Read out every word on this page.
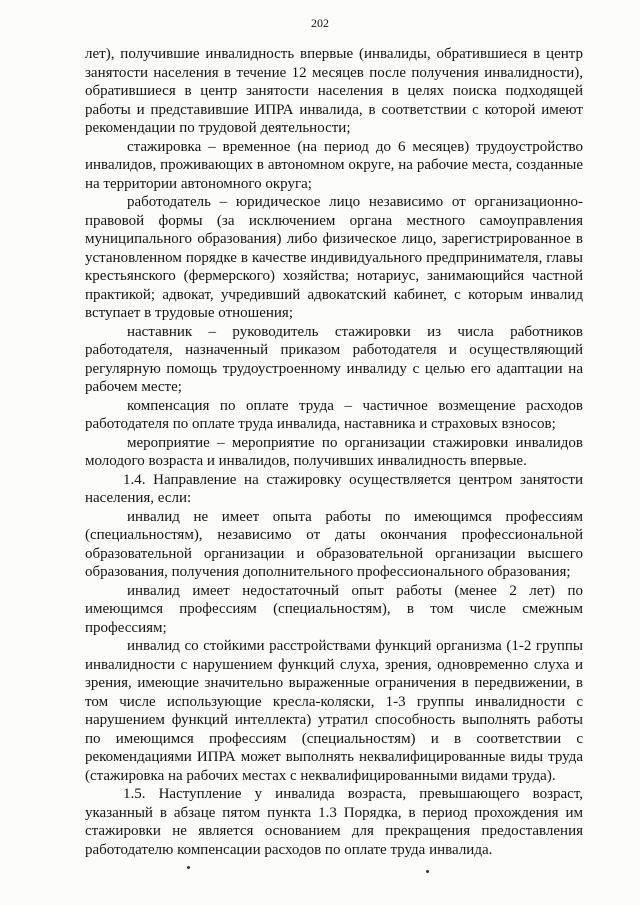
202

лет), получившие инвалидность впервые (инвалиды, обратившиеся в центр занятости населения в течение 12 месяцев после получения инвалидности), обратившиеся в центр занятости населения в целях поиска подходящей работы и представившие ИПРА инвалида, в соответствии с которой имеют рекомендации по трудовой деятельности;

стажировка – временное (на период до 6 месяцев) трудоустройство инвалидов, проживающих в автономном округе, на рабочие места, созданные на территории автономного округа;

работодатель – юридическое лицо независимо от организационно-правовой формы (за исключением органа местного самоуправления муниципального образования) либо физическое лицо, зарегистрированное в установленном порядке в качестве индивидуального предпринимателя, главы крестьянского (фермерского) хозяйства; нотариус, занимающийся частной практикой; адвокат, учредивший адвокатский кабинет, с которым инвалид вступает в трудовые отношения;

наставник – руководитель стажировки из числа работников работодателя, назначенный приказом работодателя и осуществляющий регулярную помощь трудоустроенному инвалиду с целью его адаптации на рабочем месте;

компенсация по оплате труда – частичное возмещение расходов работодателя по оплате труда инвалида, наставника и страховых взносов;

мероприятие – мероприятие по организации стажировки инвалидов молодого возраста и инвалидов, получивших инвалидность впервые.

1.4. Направление на стажировку осуществляется центром занятости населения, если:

инвалид не имеет опыта работы по имеющимся профессиям (специальностям), независимо от даты окончания профессиональной образовательной организации и образовательной организации высшего образования, получения дополнительного профессионального образования;

инвалид имеет недостаточный опыт работы (менее 2 лет) по имеющимся профессиям (специальностям), в том числе смежным профессиям;

инвалид со стойкими расстройствами функций организма (1-2 группы инвалидности с нарушением функций слуха, зрения, одновременно слуха и зрения, имеющие значительно выраженные ограничения в передвижении, в том числе использующие кресла-коляски, 1-3 группы инвалидности с нарушением функций интеллекта) утратил способность выполнять работы по имеющимся профессиям (специальностям) и в соответствии с рекомендациями ИПРА может выполнять неквалифицированные виды труда (стажировка на рабочих местах с неквалифицированными видами труда).

1.5. Наступление у инвалида возраста, превышающего возраст, указанный в абзаце пятом пункта 1.3 Порядка, в период прохождения им стажировки не является основанием для прекращения предоставления работодателю компенсации расходов по оплате труда инвалида.
